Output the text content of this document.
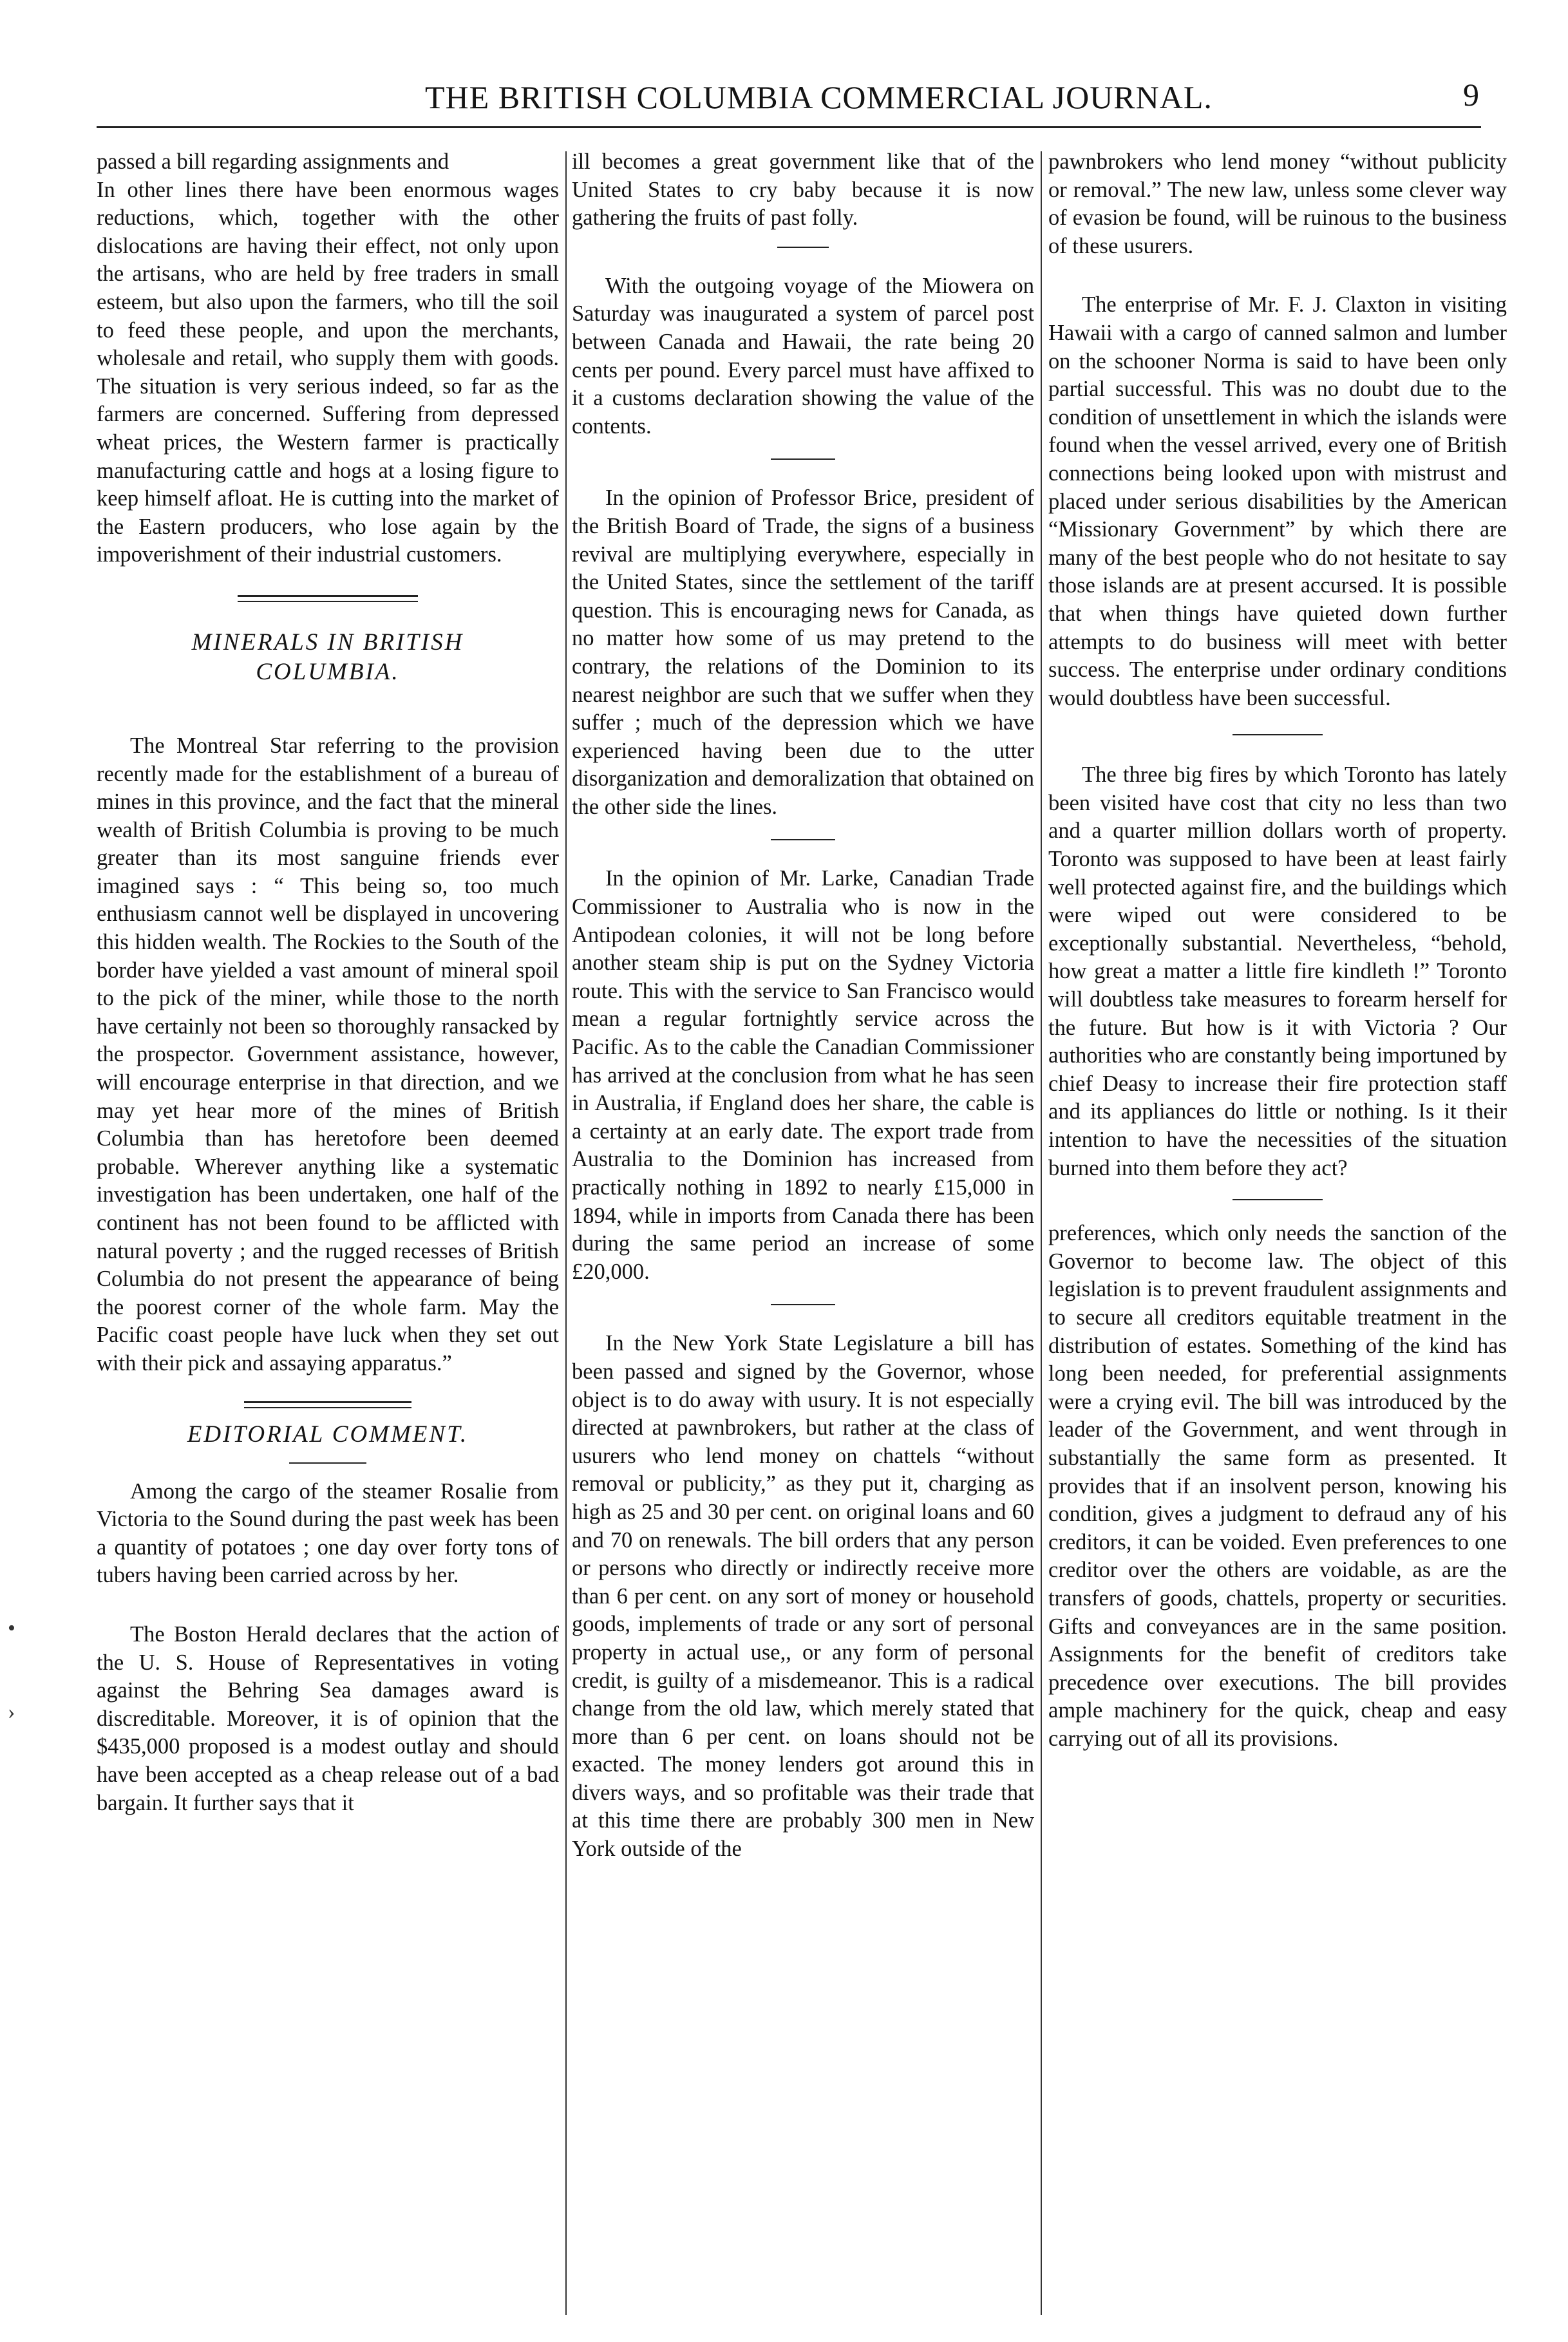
THE BRITISH COLUMBIA COMMERCIAL JOURNAL.	9
•
›

passed a bill regarding assignments and

In other lines there have been enormous wages reductions, which, together with the other dislocations are having their effect, not only upon the artisans, who are held by free traders in small esteem, but also upon the farmers, who till the soil to feed these people, and upon the merchants, wholesale and retail, who supply them with goods. The situation is very serious indeed, so far as the farmers are concerned. Suffering from depressed wheat prices, the Western farmer is practically manufacturing cattle and hogs at a losing figure to keep himself afloat. He is cutting into the market of the Eastern producers, who lose again by the impoverishment of their industrial customers.

MINERALS IN BRITISH COLUMBIA.

The Montreal Star referring to the provision recently made for the establishment of a bureau of mines in this province, and the fact that the mineral wealth of British Columbia is proving to be much greater than its most sanguine friends ever imagined says : “ This being so, too much enthusiasm cannot well be displayed in uncovering this hidden wealth. The Rockies to the South of the border have yielded a vast amount of mineral spoil to the pick of the miner, while those to the north have certainly not been so thoroughly ransacked by the prospector. Government assistance, however, will encourage enterprise in that direction, and we may yet hear more of the mines of British Columbia than has heretofore been deemed probable. Wherever anything like a systematic investigation has been undertaken, one half of the continent has not been found to be afflicted with natural poverty ; and the rugged recesses of British Columbia do not present the appearance of being the poorest corner of the whole farm. May the Pacific coast people have luck when they set out with their pick and assaying apparatus.”

EDITORIAL COMMENT.

Among the cargo of the steamer Rosalie from Victoria to the Sound during the past week has been a quantity of potatoes ; one day over forty tons of tubers having been carried across by her.

The Boston Herald declares that the action of the U. S. House of Representatives in voting against the Behring Sea damages award is discreditable. Moreover, it is of opinion that the $435,000 proposed is a modest outlay and should have been accepted as a cheap release out of a bad bargain. It further says that it

ill becomes a great government like that of the United States to cry baby because it is now gathering the fruits of past folly.

With the outgoing voyage of the Miowera on Saturday was inaugurated a system of parcel post between Canada and Hawaii, the rate being 20 cents per pound. Every parcel must have affixed to it a customs declaration showing the value of the contents.

In the opinion of Professor Brice, president of the British Board of Trade, the signs of a business revival are multiplying everywhere, especially in the United States, since the settlement of the tariff question. This is encouraging news for Canada, as no matter how some of us may pretend to the contrary, the relations of the Dominion to its nearest neighbor are such that we suffer when they suffer ; much of the depression which we have experienced having been due to the utter disorganization and demoralization that obtained on the other side the lines.

In the opinion of Mr. Larke, Canadian Trade Commissioner to Australia who is now in the Antipodean colonies, it will not be long before another steam ship is put on the Sydney Victoria route. This with the service to San Francisco would mean a regular fortnightly service across the Pacific. As to the cable the Canadian Commissioner has arrived at the conclusion from what he has seen in Australia, if England does her share, the cable is a certainty at an early date. The export trade from Australia to the Dominion has increased from practically nothing in 1892 to nearly £15,000 in 1894, while in imports from Canada there has been during the same period an increase of some £20,000.

In the New York State Legislature a bill has been passed and signed by the Governor, whose object is to do away with usury. It is not especially directed at pawnbrokers, but rather at the class of usurers who lend money on chattels “without removal or publicity,” as they put it, charging as high as 25 and 30 per cent. on original loans and 60 and 70 on renewals. The bill orders that any person or persons who directly or indirectly receive more than 6 per cent. on any sort of money or household goods, implements of trade or any sort of personal property in actual use,, or any form of personal credit, is guilty of a misdemeanor. This is a radical change from the old law, which merely stated that more than 6 per cent. on loans should not be exacted. The money lenders got around this in divers ways, and so profitable was their trade that at this time there are probably 300 men in New York outside of the

pawnbrokers who lend money “without publicity or removal.” The new law, unless some clever way of evasion be found, will be ruinous to the business of these usurers.

The enterprise of Mr. F. J. Claxton in visiting Hawaii with a cargo of canned salmon and lumber on the schooner Norma is said to have been only partial successful. This was no doubt due to the condition of unsettlement in which the islands were found when the vessel arrived, every one of British connections being looked upon with mistrust and placed under serious disabilities by the American “Missionary Government” by which there are many of the best people who do not hesitate to say those islands are at present accursed. It is possible that when things have quieted down further attempts to do business will meet with better success. The enterprise under ordinary conditions would doubtless have been successful.

The three big fires by which Toronto has lately been visited have cost that city no less than two and a quarter million dollars worth of property. Toronto was supposed to have been at least fairly well protected against fire, and the buildings which were wiped out were considered to be exceptionally substantial. Nevertheless, “behold, how great a matter a little fire kindleth !” Toronto will doubtless take measures to forearm herself for the future. But how is it with Victoria ? Our authorities who are constantly being importuned by chief Deasy to increase their fire protection staff and its appliances do little or nothing. Is it their intention to have the necessities of the situation burned into them before they act?

preferences, which only needs the sanction of the Governor to become law. The object of this legislation is to prevent fraudulent assignments and to secure all creditors equitable treatment in the distribution of estates. Something of the kind has long been needed, for preferential assignments were a crying evil. The bill was introduced by the leader of the Government, and went through in substantially the same form as presented. It provides that if an insolvent person, knowing his condition, gives a judgment to defraud any of his creditors, it can be voided. Even preferences to one creditor over the others are voidable, as are the transfers of goods, chattels, property or securities. Gifts and conveyances are in the same position. Assignments for the benefit of creditors take precedence over executions. The bill provides ample machinery for the quick, cheap and easy carrying out of all its provisions.
